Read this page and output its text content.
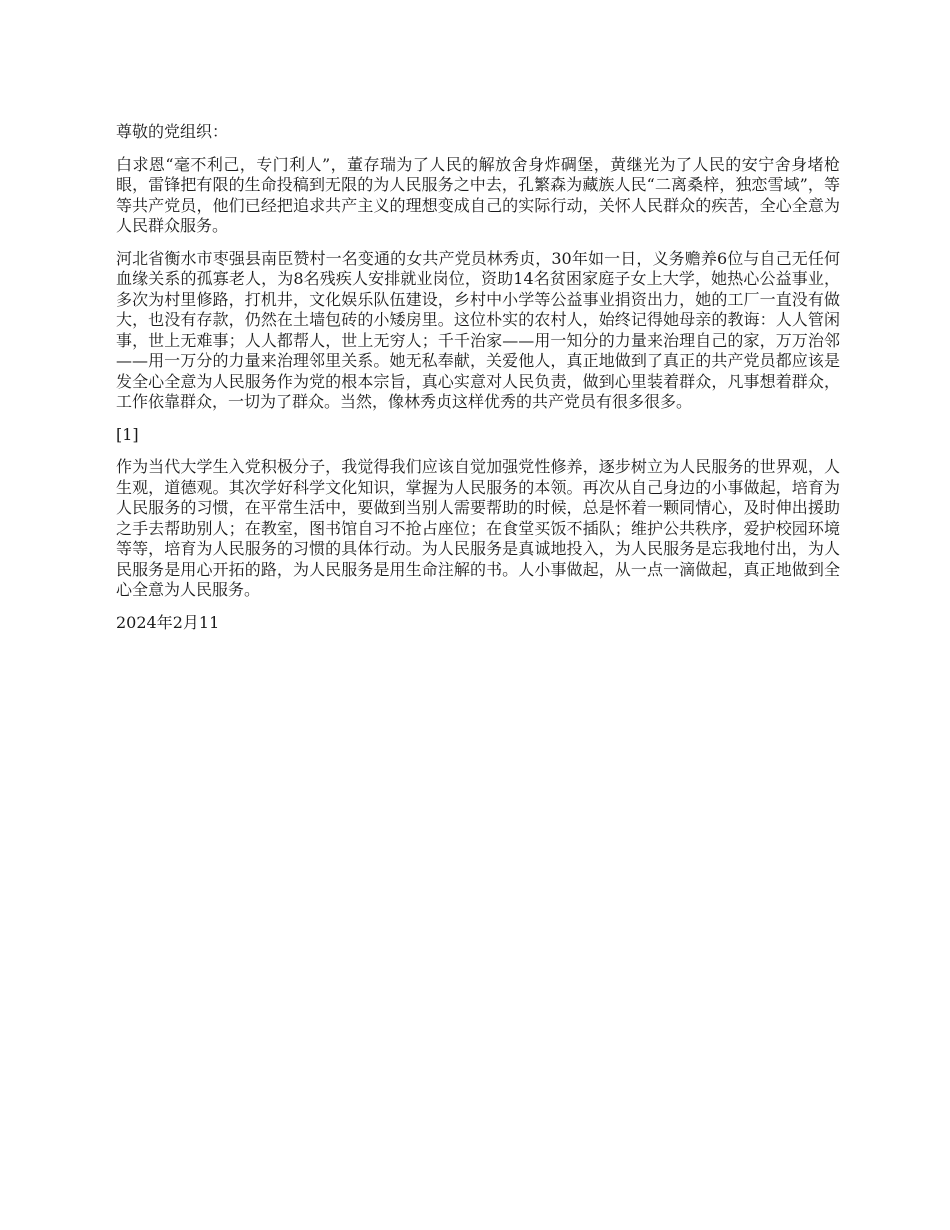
尊敬的党组织：

白求恩“毫不利己，专门利人”，董存瑞为了人民的解放舍身炸碉堡，黄继光为了人民的安宁舍身堵枪眼，雷锋把有限的生命投稿到无限的为人民服务之中去，孔繁森为藏族人民“二离桑梓，独恋雪域”，等等共产党员，他们已经把追求共产主义的理想变成自己的实际行动，关怀人民群众的疾苦，全心全意为人民群众服务。

河北省衡水市枣强县南臣赞村一名变通的女共产党员林秀贞，30年如一日，义务赡养6位与自己无任何血缘关系的孤寡老人，为8名残疾人安排就业岗位，资助14名贫困家庭子女上大学，她热心公益事业，多次为村里修路，打机井，文化娱乐队伍建设，乡村中小学等公益事业捐资出力，她的工厂一直没有做大，也没有存款，仍然在土墙包砖的小矮房里。这位朴实的农村人，始终记得她母亲的教诲：人人管闲事，世上无难事；人人都帮人，世上无穷人；千千治家——用一知分的力量来治理自己的家，万万治邻——用一万分的力量来治理邻里关系。她无私奉献，关爱他人，真正地做到了真正的共产党员都应该是发全心全意为人民服务作为党的根本宗旨，真心实意对人民负责，做到心里装着群众，凡事想着群众，工作依靠群众，一切为了群众。当然，像林秀贞这样优秀的共产党员有很多很多。

[1]

作为当代大学生入党积极分子，我觉得我们应该自觉加强党性修养，逐步树立为人民服务的世界观，人生观，道德观。其次学好科学文化知识，掌握为人民服务的本领。再次从自己身边的小事做起，培育为人民服务的习惯，在平常生活中，要做到当别人需要帮助的时候，总是怀着一颗同情心，及时伸出援助之手去帮助别人；在教室，图书馆自习不抢占座位；在食堂买饭不插队；维护公共秩序，爱护校园环境等等，培育为人民服务的习惯的具体行动。为人民服务是真诚地投入，为人民服务是忘我地付出，为人民服务是用心开拓的路，为人民服务是用生命注解的书。人小事做起，从一点一滴做起，真正地做到全心全意为人民服务。

2024年2月11
